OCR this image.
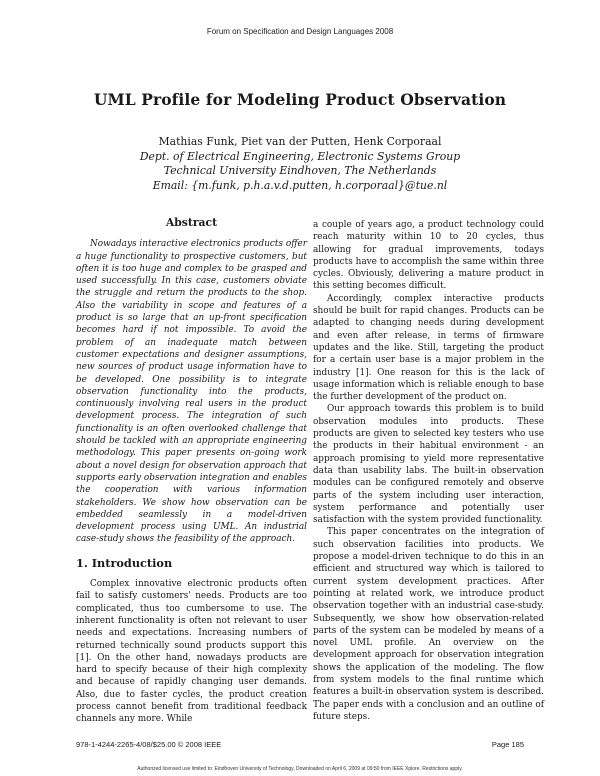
Forum on Specification and Design Languages 2008
UML Profile for Modeling Product Observation
Mathias Funk, Piet van der Putten, Henk Corporaal
Dept. of Electrical Engineering, Electronic Systems Group
Technical University Eindhoven, The Netherlands
Email: {m.funk, p.h.a.v.d.putten, h.corporaal}@tue.nl
Abstract

Nowadays interactive electronics products offer a huge functionality to prospective customers, but often it is too huge and complex to be grasped and used successfully. In this case, customers obviate the struggle and return the products to the shop. Also the variability in scope and features of a product is so large that an up-front specification becomes hard if not impossible. To avoid the problem of an inadequate match between customer expectations and designer assumptions, new sources of product usage information have to be developed. One possibility is to integrate observation functionality into the products, continuously involving real users in the product development process. The integration of such functionality is an often overlooked challenge that should be tackled with an appropriate engineering methodology. This paper presents on-going work about a novel design for observation approach that supports early observation integration and enables the cooperation with various information stakeholders. We show how observation can be embedded seamlessly in a model-driven development process using UML. An industrial case-study shows the feasibility of the approach.

1. Introduction

Complex innovative electronic products often fail to satisfy customers' needs. Products are too complicated, thus too cumbersome to use. The inherent functionality is often not relevant to user needs and expectations. Increasing numbers of returned technically sound products support this [1]. On the other hand, nowadays products are hard to specify because of their high complexity and because of rapidly changing user demands. Also, due to faster cycles, the product creation process cannot benefit from traditional feedback channels any more. While

a couple of years ago, a product technology could reach maturity within 10 to 20 cycles, thus allowing for gradual improvements, todays products have to accomplish the same within three cycles. Obviously, delivering a mature product in this setting becomes difficult.

Accordingly, complex interactive products should be built for rapid changes. Products can be adapted to changing needs during development and even after release, in terms of firmware updates and the like. Still, targeting the product for a certain user base is a major problem in the industry [1]. One reason for this is the lack of usage information which is reliable enough to base the further development of the product on.

Our approach towards this problem is to build observation modules into products. These products are given to selected key testers who use the products in their habitual environment - an approach promising to yield more representative data than usability labs. The built-in observation modules can be configured remotely and observe parts of the system including user interaction, system performance and potentially user satisfaction with the system provided functionality.

This paper concentrates on the integration of such observation facilities into products. We propose a model-driven technique to do this in an efficient and structured way which is tailored to current system development practices. After pointing at related work, we introduce product observation together with an industrial case-study. Subsequently, we show how observation-related parts of the system can be modeled by means of a novel UML profile. An overview on the development approach for observation integration shows the application of the modeling. The flow from system models to the final runtime which features a built-in observation system is described. The paper ends with a conclusion and an outline of future steps.

978-1-4244-2265-4/08/$25.00 © 2008 IEEE	Page 185
Authorized licensed use limited to: Eindhoven University of Technology. Downloaded on April 6, 2009 at 09:50 from IEEE Xplore. Restrictions apply.
